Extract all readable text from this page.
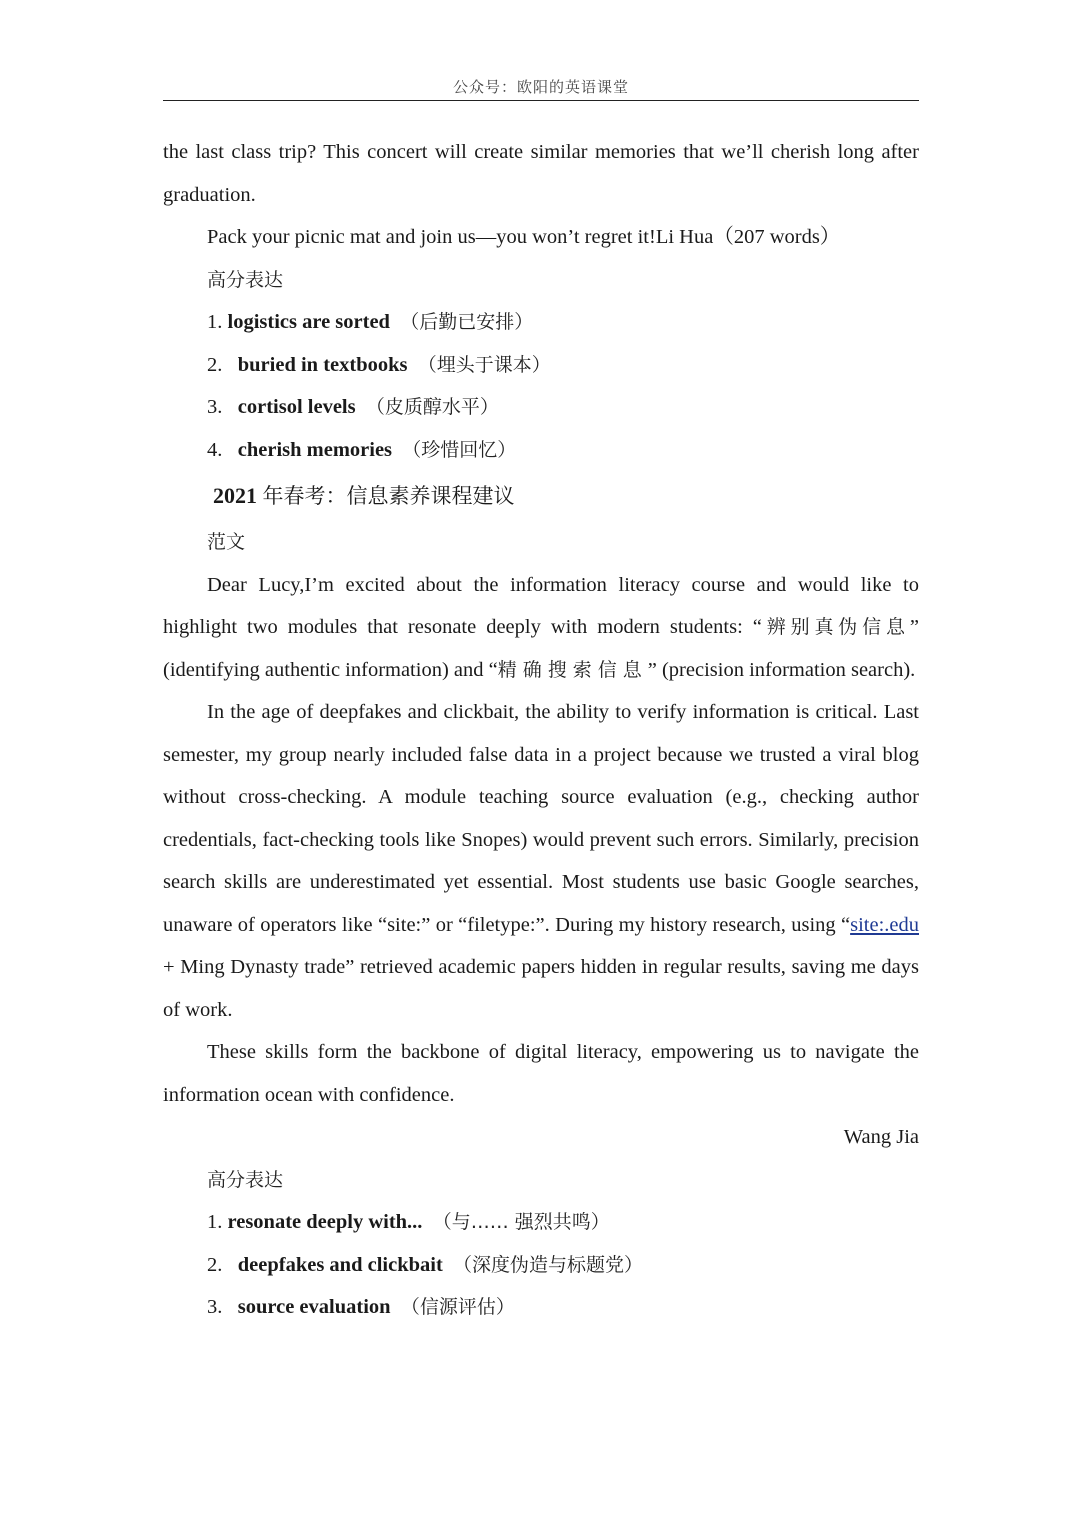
公众号：欧阳的英语课堂

the last class trip? This concert will create similar memories that we’ll cherish long after graduation.

Pack your picnic mat and join us—you won’t regret it!Li Hua（207 words）

高分表达

1. logistics are sorted （后勤已安排）

2. buried in textbooks （埋头于课本）

3. cortisol levels （皮质醇水平）

4. cherish memories （珍惜回忆）

2021 年春考：信息素养课程建议

范文

Dear Lucy,I’m excited about the information literacy course and would like to highlight two modules that resonate deeply with modern students: “辨别真伪信息” (identifying authentic information) and “精确搜索信息” (precision information search).

In the age of deepfakes and clickbait, the ability to verify information is critical. Last semester, my group nearly included false data in a project because we trusted a viral blog without cross-checking. A module teaching source evaluation (e.g., checking author credentials, fact-checking tools like Snopes) would prevent such errors. Similarly, precision search skills are underestimated yet essential. Most students use basic Google searches, unaware of operators like “site:” or “filetype:”. During my history research, using “site:.edu + Ming Dynasty trade” retrieved academic papers hidden in regular results, saving me days of work.

These skills form the backbone of digital literacy, empowering us to navigate the information ocean with confidence.

Wang Jia

高分表达

1. resonate deeply with... （与…… 强烈共鸣）

2. deepfakes and clickbait （深度伪造与标题党）

3. source evaluation （信源评估）
